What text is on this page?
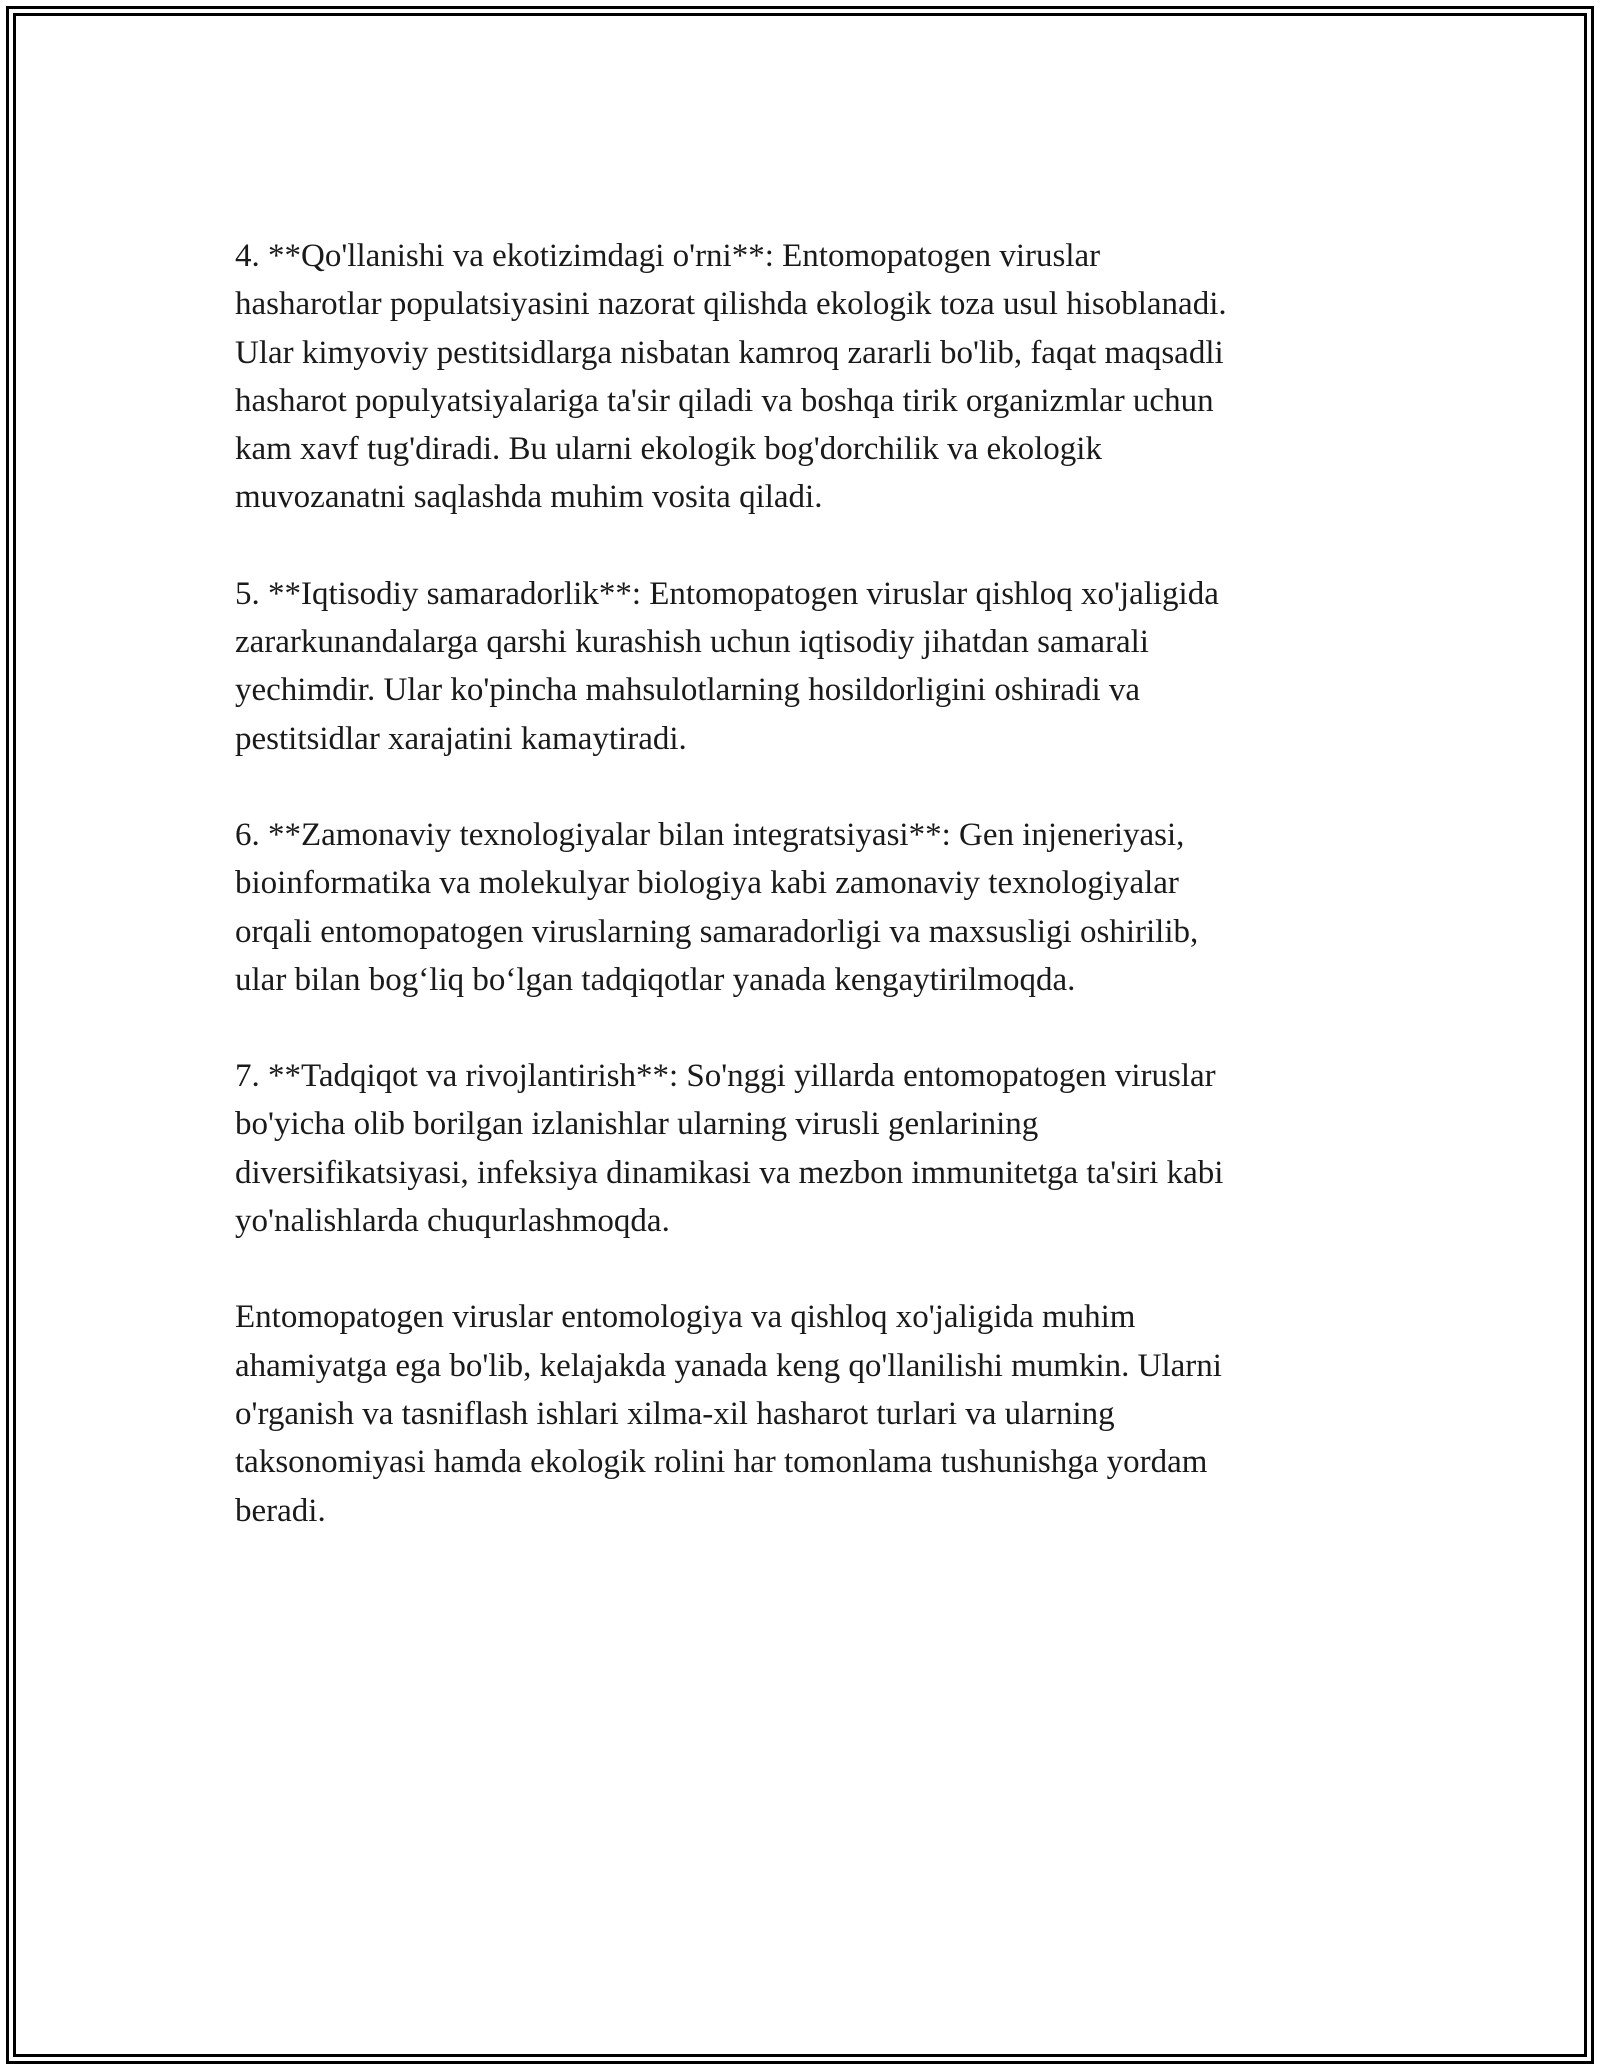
4. **Qo'llanishi va ekotizimdagi o'rni**: Entomopatogen viruslar
hasharotlar populatsiyasini nazorat qilishda ekologik toza usul hisoblanadi.
Ular kimyoviy pestitsidlarga nisbatan kamroq zararli bo'lib, faqat maqsadli
hasharot populyatsiyalariga ta'sir qiladi va boshqa tirik organizmlar uchun
kam xavf tug'diradi. Bu ularni ekologik bog'dorchilik va ekologik
muvozanatni saqlashda muhim vosita qiladi.

5. **Iqtisodiy samaradorlik**: Entomopatogen viruslar qishloq xo'jaligida
zararkunandalarga qarshi kurashish uchun iqtisodiy jihatdan samarali
yechimdir. Ular ko'pincha mahsulotlarning hosildorligini oshiradi va
pestitsidlar xarajatini kamaytiradi.

6. **Zamonaviy texnologiyalar bilan integratsiyasi**: Gen injeneriyasi,
bioinformatika va molekulyar biologiya kabi zamonaviy texnologiyalar
orqali entomopatogen viruslarning samaradorligi va maxsusligi oshirilib,
ular bilan bog‘liq bo‘lgan tadqiqotlar yanada kengaytirilmoqda.

7. **Tadqiqot va rivojlantirish**: So'nggi yillarda entomopatogen viruslar
bo'yicha olib borilgan izlanishlar ularning virusli genlarining
diversifikatsiyasi, infeksiya dinamikasi va mezbon immunitetga ta'siri kabi
yo'nalishlarda chuqurlashmoqda.

Entomopatogen viruslar entomologiya va qishloq xo'jaligida muhim
ahamiyatga ega bo'lib, kelajakda yanada keng qo'llanilishi mumkin. Ularni
o'rganish va tasniflash ishlari xilma-xil hasharot turlari va ularning
taksonomiyasi hamda ekologik rolini har tomonlama tushunishga yordam
beradi.
